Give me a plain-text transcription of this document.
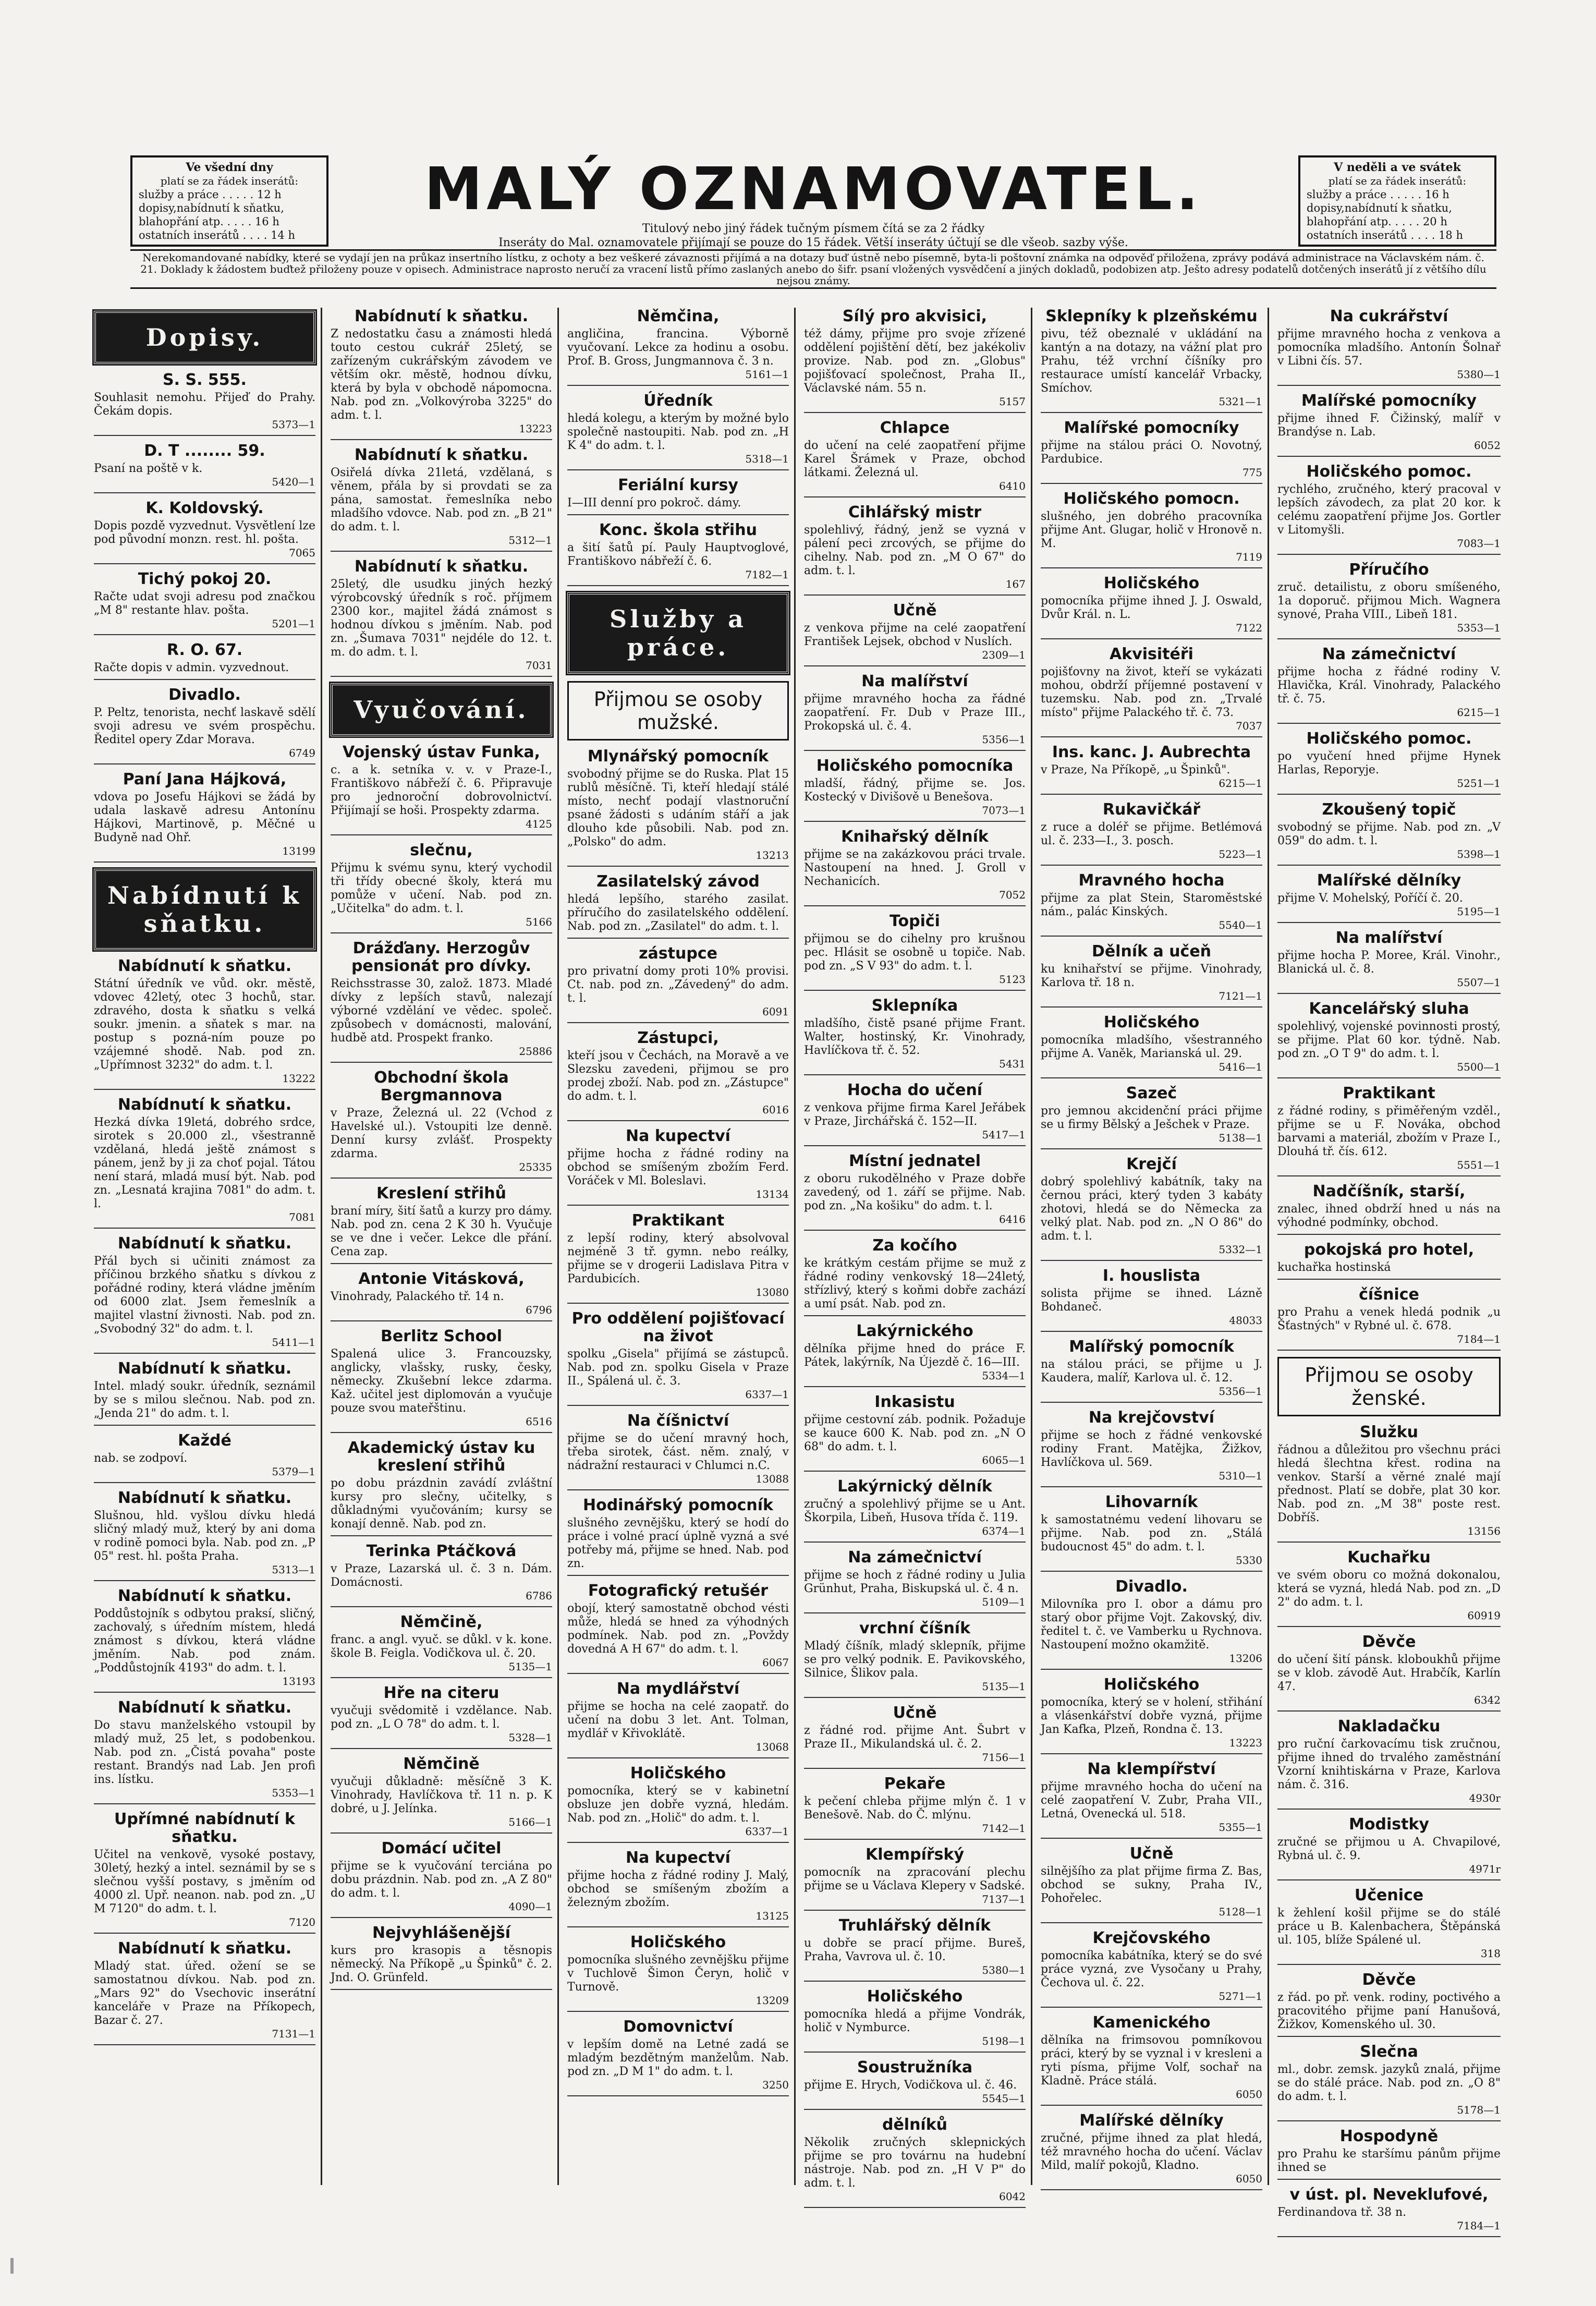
Ve všední dny
platí se za řádek inserátů:
služby a práce . . . . . 12 h
dopisy,nabídnutí k sňatku,
blahopřání atp. . . . . 16 h
ostatních inserátů . . . . 14 h
MALÝ OZNAMOVATEL.
Titulový nebo jiný řádek tučným písmem čítá se za 2 řádky
Inseráty do Mal. oznamovatele přijímají se pouze do 15 řádek. Větší inseráty účtují se dle všeob. sazby výše.
V neděli a ve svátek
platí se za řádek inserátů:
služby a práce . . . . . 16 h
dopisy,nabídnutí k sňatku,
blahopřání atp. . . . . 20 h
ostatních inserátů . . . . 18 h
Nerekomandované nabídky, které se vydají jen na průkaz insertního lístku, z ochoty a bez veškeré závaznosti přijímá a na dotazy buď ústně nebo písemně, byta-li poštovní známka na odpověď přiložena, zprávy podává administrace na Václavském nám. č. 21. Doklady k žádostem buďtež přiloženy pouze v opisech. Administrace naprosto neručí za vracení listů přímo zaslaných anebo do šifr. psaní vložených vysvědčení a jiných dokladů, podobizen atp. Ješto adresy podatelů dotčených inserátů jí z většího dílu nejsou známy.
Dopisy.
S. S. 555.

Souhlasit nemohu. Přijeď do Prahy. Čekám dopis.

5373—1
D. T ........ 59.

Psaní na poště v k.

5420—1
K. Koldovský.

Dopis pozdě vyzvednut. Vysvětlení lze pod původní monzn. rest. hl. pošta.

7065
Tichý pokoj 20.

Račte udat svoji adresu pod značkou „M 8" restante hlav. pošta.

5201—1
R. O. 67.

Račte dopis v admin. vyzvednout.

Divadlo.

P. Peltz, tenorista, nechť laskavě sdělí svoji adresu ve svém prospěchu. Ředitel opery Zdar Morava.

6749
Paní Jana Hájková,

vdova po Josefu Hájkovi se žádá by udala laskavě adresu Antonínu Hájkovi, Martinově, p. Měčné u Budyně nad Ohř.

13199
Nabídnutí k sňatku.
Nabídnutí k sňatku.

Státní úředník ve vůd. okr. městě, vdovec 42letý, otec 3 hochů, star. zdravého, dosta k sňatku s velká soukr. jmenin. a sňatek s mar. na postup s pozná-ním pouze po vzájemné shodě. Nab. pod zn. „Upřímnost 3232" do adm. t. l.

13222
Nabídnutí k sňatku.

Hezká dívka 19letá, dobrého srdce, sirotek s 20.000 zl., všestranně vzdělaná, hledá ještě známost s pánem, jenž by ji za choť pojal. Tátou není stará, mladá musí být. Nab. pod zn. „Lesnatá krajina 7081" do adm. t. l.

7081
Nabídnutí k sňatku.

Přál bych si učiniti známost za příčinou brzkého sňatku s dívkou z pořádné rodiny, která vládne jměním od 6000 zlat. Jsem řemeslník a majitel vlastní živnosti. Nab. pod zn. „Svobodný 32" do adm. t. l.

5411—1
Nabídnutí k sňatku.

Intel. mladý soukr. úředník, seznámil by se s milou slečnou. Nab. pod zn. „Jenda 21" do adm. t. l.

Každé

nab. se zodpoví.

5379—1
Nabídnutí k sňatku.

Slušnou, hld. vyšlou dívku hledá sličný mladý muž, který by ani doma v rodině pomoci byla. Nab. pod zn. „P 05" rest. hl. pošta Praha.

5313—1
Nabídnutí k sňatku.

Poddůstojník s odbytou praksí, sličný, zachovalý, s úředním místem, hledá známost s dívkou, která vládne jměním. Nab. pod znám. „Poddůstojník 4193" do adm. t. l.

13193
Nabídnutí k sňatku.

Do stavu manželského vstoupil by mladý muž, 25 let, s podobenkou. Nab. pod zn. „Čistá povaha" poste restant. Brandýs nad Lab. Jen profi ins. lístku.

5353—1
Upřímné nabídnutí k sňatku.

Učitel na venkově, vysoké postavy, 30letý, hezký a intel. seznámil by se s slečnou vyšší postavy, s jměním od 4000 zl. Upř. neanon. nab. pod zn. „U M 7120" do adm. t. l.

7120
Nabídnutí k sňatku.

Mladý stat. úřed. ožení se se samostatnou dívkou. Nab. pod zn. „Mars 92" do Vsechovic inserátní kanceláře v Praze na Příkopech, Bazar č. 27.

7131—1
Nabídnutí k sňatku.

Z nedostatku času a známosti hledá touto cestou cukrář 25letý, se zařízeným cukrářským závodem ve větším okr. městě, hodnou dívku, která by byla v obchodě nápomocna. Nab. pod zn. „Volkovýroba 3225" do adm. t. l.

13223
Nabídnutí k sňatku.

Osiřelá dívka 21letá, vzdělaná, s věnem, přála by si provdati se za pána, samostat. řemeslníka nebo mladšího vdovce. Nab. pod zn. „B 21" do adm. t. l.

5312—1
Nabídnutí k sňatku.

25letý, dle usudku jiných hezký výrobcovský úředník s roč. příjmem 2300 kor., majitel žádá známost s hodnou dívkou s jměním. Nab. pod zn. „Šumava 7031" nejdéle do 12. t. m. do adm. t. l.

7031
Vyučování.
Vojenský ústav Funka,

c. a k. setníka v. v. v Praze-I., Františkovo nábřeží č. 6. Připravuje pro jednoroční dobrovolnictví. Přijímají se hoši. Prospekty zdarma.

4125
slečnu,

Přijmu k svému synu, který vychodil tři třídy obecné školy, která mu pomůže v učení. Nab. pod zn. „Učitelka" do adm. t. l.

5166
Drážďany. Herzogův pensionát pro dívky.

Reichsstrasse 30, založ. 1873. Mladé dívky z lepších stavů, nalezají výborné vzdělání ve vědec. společ. způsobech v domácnosti, malování, hudbě atd. Prospekt franko.

25886
Obchodní škola Bergmannova

v Praze, Železná ul. 22 (Vchod z Havelské ul.). Vstoupiti lze denně. Denní kursy zvlášť. Prospekty zdarma.

25335
Kreslení střihů

braní míry, šití šatů a kurzy pro dámy. Nab. pod zn. cena 2 K 30 h. Vyučuje se ve dne i večer. Lekce dle přání. Cena zap.

Antonie Vitásková,

Vinohrady, Palackého tř. 14 n.

6796
Berlitz School

Spalená ulice 3. Francouzsky, anglicky, vlašsky, rusky, česky, německy. Zkušební lekce zdarma. Kaž. učitel jest diplomován a vyučuje pouze svou mateřštinu.

6516
Akademický ústav ku kreslení střihů

po dobu prázdnin zavádí zvláštní kursy pro slečny, učitelky, s důkladnými vyučováním; kursy se konají denně. Nab. pod zn.

Terinka Ptáčková

v Praze, Lazarská ul. č. 3 n. Dám. Domácnosti.

6786
Němčině,

franc. a angl. vyuč. se důkl. v k. kone. škole B. Feigla. Vodičkova ul. č. 20.

5135—1
Hře na citeru

vyučuji svědomitě i vzdělance. Nab. pod zn. „L O 78" do adm. t. l.

5328—1
Němčině

vyučuji důkladně: měsíčně 3 K. Vinohrady, Havlíčkova tř. 11 n. p. K dobré, u J. Jelínka.

5166—1
Domácí učitel

přijme se k vyučování terciána po dobu prázdnin. Nab. pod zn. „A Z 80" do adm. t. l.

4090—1
Nejvyhlášenější

kurs pro krasopis a těsnopis německý. Na Příkopě „u Špinků" č. 2. Jnd. O. Grünfeld.

Němčina,

angličina, francina. Výborně vyučovaní. Lekce za hodinu a osobu. Prof. B. Gross, Jungmannova č. 3 n.

5161—1
Úředník

hledá kolegu, a kterým by možné bylo společně nastoupiti. Nab. pod zn. „H K 4" do adm. t. l.

5318—1
Feriální kursy

I—III denní pro pokroč. dámy.

Konc. škola střihu

a šití šatů pí. Pauly Hauptvoglové, Františkovo nábřeží č. 6.

7182—1
Služby a práce.
Přijmou se osoby mužské.
Mlynářský pomocník

svobodný přijme se do Ruska. Plat 15 rublů měsíčně. Ti, kteří hledají stálé místo, nechť podají vlastnoruční psané žádosti s udáním stáří a jak dlouho kde působili. Nab. pod zn. „Polsko" do adm.

13213
Zasilatelský závod

hledá lepšího, starého zasilat. příručího do zasilatelského oddělení. Nab. pod zn. „Zasilatel" do adm. t. l.

zástupce

pro privatní domy proti 10% provisi. Ct. nab. pod zn. „Závedený" do adm. t. l.

6091
Zástupci,

kteří jsou v Čechách, na Moravě a ve Slezsku zavedeni, přijmou se pro prodej zboží. Nab. pod zn. „Zástupce" do adm. t. l.

6016
Na kupectví

přijme hocha z řádné rodiny na obchod se smíšeným zbožím Ferd. Voráček v Ml. Boleslavi.

13134
Praktikant

z lepší rodiny, který absolvoval nejméně 3 tř. gymn. nebo reálky, přijme se v drogerii Ladislava Pitra v Pardubicích.

13080
Pro oddělení pojišťovací na život

spolku „Gisela" přijímá se zástupců. Nab. pod zn. spolku Gisela v Praze II., Spálená ul. č. 3.

6337—1
Na číšnictví

přijme se do učení mravný hoch, třeba sirotek, část. něm. znalý, v nádražní restauraci v Chlumci n.C.

13088
Hodinářský pomocník

slušného zevnějšku, který se hodí do práce i volné prací úplně vyzná a své potřeby má, přijme se hned. Nab. pod zn.

Fotografický retušér

obojí, který samostatně obchod vésti může, hledá se hned za výhodných podmínek. Nab. pod zn. „Povždy dovedná A H 67" do adm. t. l.

6067
Na mydlářství

přijme se hocha na celé zaopatř. do učení na dobu 3 let. Ant. Tolman, mydlář v Křivoklátě.

13068
Holičského

pomocníka, který se v kabinetní obsluze jen dobře vyzná, hledám. Nab. pod zn. „Holič" do adm. t. l.

6337—1
Na kupectví

přijme hocha z řádné rodiny J. Malý, obchod se smíšeným zbožím a železným zbožím.

13125
Holičského

pomocníka slušného zevnějšku přijme v Tuchlově Šimon Čeryn, holič v Turnově.

13209
Domovnictví

v lepším domě na Letné zadá se mladým bezdětným manželům. Nab. pod zn. „D M 1" do adm. t. l.

3250
Sílý pro akvisici,

též dámy, přijme pro svoje zřízené oddělení pojištění dětí, bez jakékoliv provize. Nab. pod zn. „Globus" pojišťovací společnost, Praha II., Václavské nám. 55 n.

5157
Chlapce

do učení na celé zaopatření přijme Karel Šrámek v Praze, obchod látkami. Železná ul.

6410
Cihlářský mistr

spolehlivý, řádný, jenž se vyzná v pálení peci zrcových, se přijme do cihelny. Nab. pod zn. „M O 67" do adm. t. l.

167
Učně

z venkova přijme na celé zaopatření František Lejsek, obchod v Nuslích.

2309—1
Na malířství

přijme mravného hocha za řádné zaopatření. Fr. Dub v Praze III., Prokopská ul. č. 4.

5356—1
Holičského pomocníka

mladší, řádný, přijme se. Jos. Kostecký v Divišově u Benešova.

7073—1
Knihařský dělník

přijme se na zakázkovou práci trvale. Nastoupení na hned. J. Groll v Nechanicích.

7052
Topiči

přijmou se do cihelny pro krušnou pec. Hlásit se osobně u topiče. Nab. pod zn. „S V 93" do adm. t. l.

5123
Sklepníka

mladšího, čistě psané přijme Frant. Walter, hostinský, Kr. Vinohrady, Havlíčkova tř. č. 52.

5431
Hocha do učení

z venkova přijme firma Karel Jeřábek v Praze, Jirchářská č. 152—II.

5417—1
Místní jednatel

z oboru rukodělného v Praze dobře zavedený, od 1. září se přijme. Nab. pod zn. „Na košiku" do adm. t. l.

6416
Za kočího

ke krátkým cestám přijme se muž z řádné rodiny venkovský 18—24letý, střízlivý, který s koňmi dobře zachází a umí psát. Nab. pod zn.

Lakýrnického

dělníka přijme hned do práce F. Pátek, lakýrník, Na Újezdě č. 16—III.

5334—1
Inkasistu

přijme cestovní záb. podnik. Požaduje se kauce 600 K. Nab. pod zn. „N O 68" do adm. t. l.

6065—1
Lakýrnický dělník

zručný a spolehlivý přijme se u Ant. Škorpila, Libeň, Husova třída č. 119.

6374—1
Na zámečnictví

přijme se hoch z řádné rodiny u Julia Grünhut, Praha, Biskupská ul. č. 4 n.

5109—1
vrchní číšník

Mladý číšník, mladý sklepník, přijme se pro velký podnik. E. Pavikovského, Silnice, Šlikov pala.

5135—1
Učně

z řádné rod. přijme Ant. Šubrt v Praze II., Mikulandská ul. č. 2.

7156—1
Pekaře

k pečení chleba přijme mlýn č. 1 v Benešově. Nab. do Č. mlýnu.

7142—1
Klempířský

pomocník na zpracování plechu přijme se u Václava Klepery v Sadské.

7137—1
Truhlářský dělník

u dobře se prací přijme. Bureš, Praha, Vavrova ul. č. 10.

5380—1
Holičského

pomocníka hledá a přijme Vondrák, holič v Nymburce.

5198—1
Soustružníka

přijme E. Hrych, Vodičkova ul. č. 46.

5545—1
dělníků

Několik zručných sklepnických přijme se pro továrnu na hudební nástroje. Nab. pod zn. „H V P" do adm. t. l.

6042
Sklepníky k plzeňskému

pivu, též obeznalé v ukládání na kantýn a na dotazy, na vážní plat pro Prahu, též vrchní číšníky pro restaurace umístí kancelář Vrbacky, Smíchov.

5321—1
Malířské pomocníky

přijme na stálou práci O. Novotný, Pardubice.

775
Holičského pomocn.

slušného, jen dobrého pracovníka přijme Ant. Glugar, holič v Hronově n. M.

7119
Holičského

pomocníka přijme ihned J. J. Oswald, Dvůr Král. n. L.

7122
Akvisitéři

pojišťovny na život, kteří se vykázati mohou, obdrží příjemné postavení v tuzemsku. Nab. pod zn. „Trvalé místo" přijme Palackého tř. č. 73.

7037
Ins. kanc. J. Aubrechta

v Praze, Na Příkopě, „u Špinků".

6215—1
Rukavičkář

z ruce a doléř se přijme. Betlémová ul. č. 233—I., 3. posch.

5223—1
Mravného hocha

přijme za plat Stein, Staroměstské nám., palác Kinských.

5540—1
Dělník a učeň

ku knihařství se přijme. Vinohrady, Karlova tř. 18 n.

7121—1
Holičského

pomocníka mladšího, všestranného přijme A. Vaněk, Marianská ul. 29.

5416—1
Sazeč

pro jemnou akcidenční práci přijme se u firmy Bělský a Ješchek v Praze.

5138—1
Krejčí

dobrý spolehlivý kabátník, taky na černou práci, který tyden 3 kabáty zhotovi, hledá se do Německa za velký plat. Nab. pod zn. „N O 86" do adm. t. l.

5332—1
I. houslista

solista přijme se ihned. Lázně Bohdaneč.

48033
Malířský pomocník

na stálou práci, se přijme u J. Kaudera, malíř, Karlova ul. č. 12.

5356—1
Na krejčovství

přijme se hoch z řádné venkovské rodiny Frant. Matějka, Žižkov, Havlíčkova ul. 569.

5310—1
Lihovarník

k samostatnému vedení lihovaru se přijme. Nab. pod zn. „Stálá budoucnost 45" do adm. t. l.

5330
Divadlo.

Milovníka pro I. obor a dámu pro starý obor přijme Vojt. Zakovský, div. ředitel t. č. ve Vamberku u Rychnova. Nastoupení možno okamžitě.

13206
Holičského

pomocníka, který se v holení, střihání a vlásenkářství dobře vyzná, přijme Jan Kafka, Plzeň, Rondna č. 13.

13223
Na klempířství

přijme mravného hocha do učení na celé zaopatření V. Zubr, Praha VII., Letná, Ovenecká ul. 518.

5355—1
Učně

silnějšího za plat přijme firma Z. Bas, obchod se sukny, Praha IV., Pohořelec.

5128—1
Krejčovského

pomocníka kabátníka, který se do své práce vyzná, zve Vysočany u Prahy, Čechova ul. č. 22.

5271—1
Kamenického

dělníka na frimsovou pomníkovou práci, který by se vyznal i v kresleni a ryti písma, přijme Volf, sochař na Kladně. Práce stálá.

6050
Malířské dělníky

zručné, přijme ihned za plat hledá, též mravného hocha do učení. Václav Mild, malíř pokojů, Kladno.

6050
Na cukrářství

přijme mravného hocha z venkova a pomocníka mladšího. Antonín Šolnař v Libni čís. 57.

5380—1
Malířské pomocníky

přijme ihned F. Čižinský, malíř v Brandýse n. Lab.

6052
Holičského pomoc.

rychlého, zručného, který pracoval v lepších závodech, za plat 20 kor. k celému zaopatření přijme Jos. Gortler v Litomyšli.

7083—1
Příručího

zruč. detailistu, z oboru smíšeného, 1a doporuč. přijmou Mich. Wagnera synové, Praha VIII., Libeň 181.

5353—1
Na zámečnictví

přijme hocha z řádné rodiny V. Hlavička, Král. Vinohrady, Palackého tř. č. 75.

6215—1
Holičského pomoc.

po vyučení hned přijme Hynek Harlas, Reporyje.

5251—1
Zkoušený topič

svobodný se přijme. Nab. pod zn. „V 059" do adm. t. l.

5398—1
Malířské dělníky

přijme V. Mohelský, Poříčí č. 20.

5195—1
Na malířství

přijme hocha P. Moree, Král. Vinohr., Blanická ul. č. 8.

5507—1
Kancelářský sluha

spolehlivý, vojenské povinnosti prostý, se přijme. Plat 60 kor. týdně. Nab. pod zn. „O T 9" do adm. t. l.

5500—1
Praktikant

z řádné rodiny, s přiměřeným vzděl., přijme se u F. Nováka, obchod barvami a materiál, zbožím v Praze I., Dlouhá tř. čís. 612.

5551—1
Nadčíšník, starší,

znalec, ihned obdrží hned u nás na výhodné podmínky, obchod.

pokojská pro hotel,

kuchařka hostinská

číšnice

pro Prahu a venek hledá podnik „u Šťastných" v Rybné ul. č. 678.

7184—1
Přijmou se osoby ženské.
Služku

řádnou a důležitou pro všechnu práci hledá šlechtna křest. rodina na venkov. Starší a věrné znalé mají přednost. Platí se dobře, plat 30 kor. Nab. pod zn. „M 38" poste rest. Dobříš.

13156
Kuchařku

ve svém oboru co možná dokonalou, která se vyzná, hledá Nab. pod zn. „D 2" do adm. t. l.

60919
Děvče

do učení šití pánsk. kloboukhů přijme se v klob. závodě Aut. Hrabčík, Karlín 47.

6342
Nakladačku

pro ruční čarkovacímu tisk zručnou, přijme ihned do trvalého zaměstnání Vzorní knihtiskárna v Praze, Karlova nám. č. 316.

4930r
Modistky

zručné se přijmou u A. Chvapilové, Rybná ul. č. 9.

4971r
Učenice

k žehlení košil přijme se do stálé práce u B. Kalenbachera, Štěpánská ul. 105, blíže Spálené ul.

318
Děvče

z řád. po př. venk. rodiny, poctivého a pracovitého přijme paní Hanušová, Žižkov, Komenského ul. 30.

Slečna

ml., dobr. zemsk. jazyků znalá, přijme se do stálé práce. Nab. pod zn. „O 8" do adm. t. l.

5178—1
Hospodyně

pro Prahu ke staršímu pánům přijme ihned se

v úst. pl. Neveklufové,

Ferdinandova tř. 38 n.

7184—1
